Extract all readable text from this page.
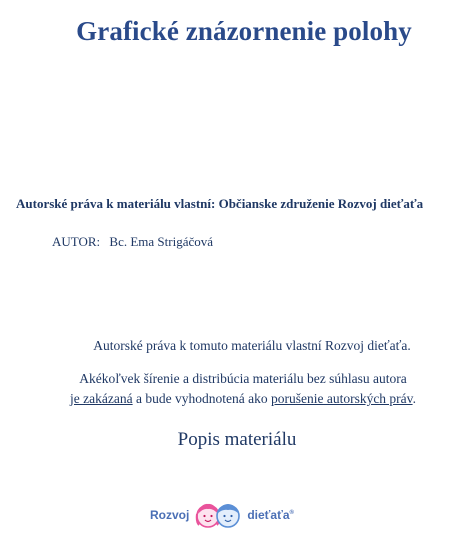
Grafické znázornenie polohy
Autorské práva k materiálu vlastní: Občianske združenie Rozvoj dieťaťa
AUTOR: Bc. Ema Strigáčová
Autorské práva k tomuto materiálu vlastní Rozvoj dieťaťa.
Akékoľvek šírenie a distribúcia materiálu bez súhlasu autora
je zakázaná a bude vyhodnotená ako porušenie autorských práv.
Popis materiálu
Rozvoj	dieťaťa®
